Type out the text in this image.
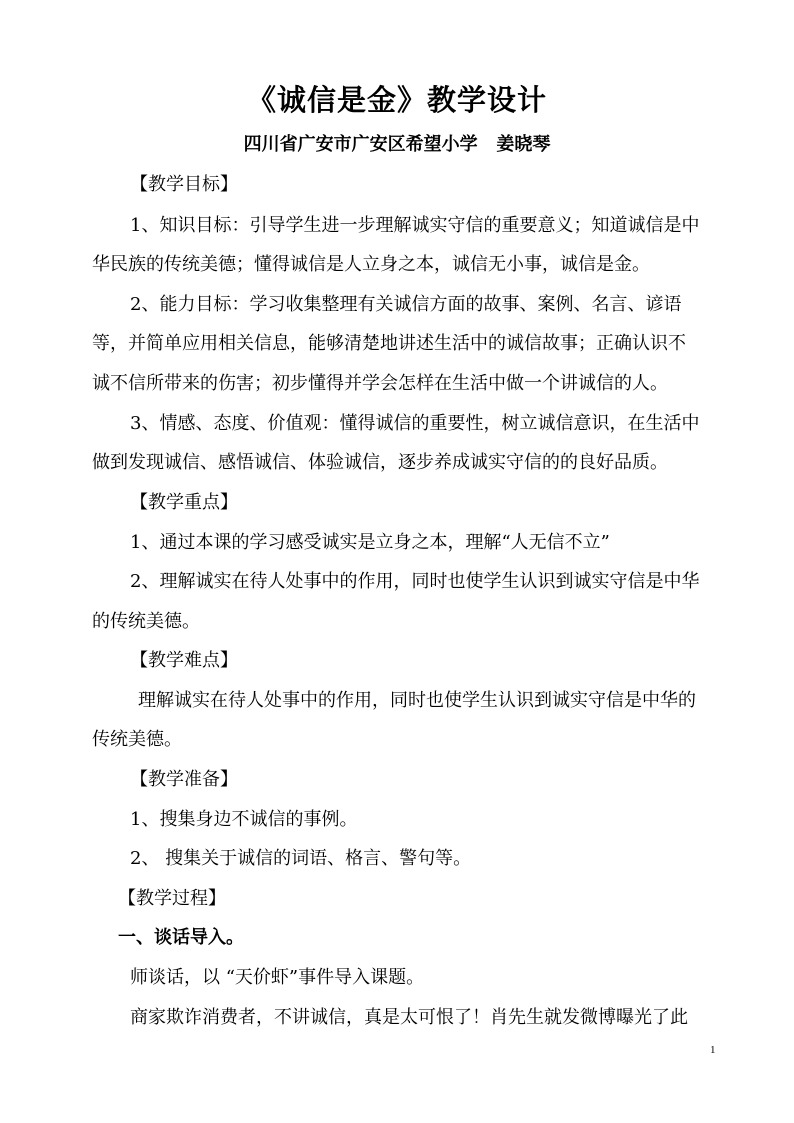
《诚信是金》教学设计
四川省广安市广安区希望小学   姜晓琴
【教学目标】
1、知识目标：引导学生进一步理解诚实守信的重要意义；知道诚信是中
华民族的传统美德；懂得诚信是人立身之本，诚信无小事，诚信是金。
2、能力目标：学习收集整理有关诚信方面的故事、案例、名言、谚语
等，并简单应用相关信息，能够清楚地讲述生活中的诚信故事；正确认识不
诚不信所带来的伤害；初步懂得并学会怎样在生活中做一个讲诚信的人。
3、情感、态度、价值观：懂得诚信的重要性，树立诚信意识，在生活中
做到发现诚信、感悟诚信、体验诚信，逐步养成诚实守信的的良好品质。
【教学重点】
1、通过本课的学习感受诚实是立身之本，理解“人无信不立”
2、理解诚实在待人处事中的作用，同时也使学生认识到诚实守信是中华
的传统美德。
【教学难点】
理解诚实在待人处事中的作用，同时也使学生认识到诚实守信是中华的
传统美德。
【教学准备】
1、搜集身边不诚信的事例。
2、 搜集关于诚信的词语、格言、警句等。
【教学过程】
一、谈话导入。
师谈话，以 “天价虾”事件导入课题。
商家欺诈消费者，不讲诚信，真是太可恨了！肖先生就发微博曝光了此
1
